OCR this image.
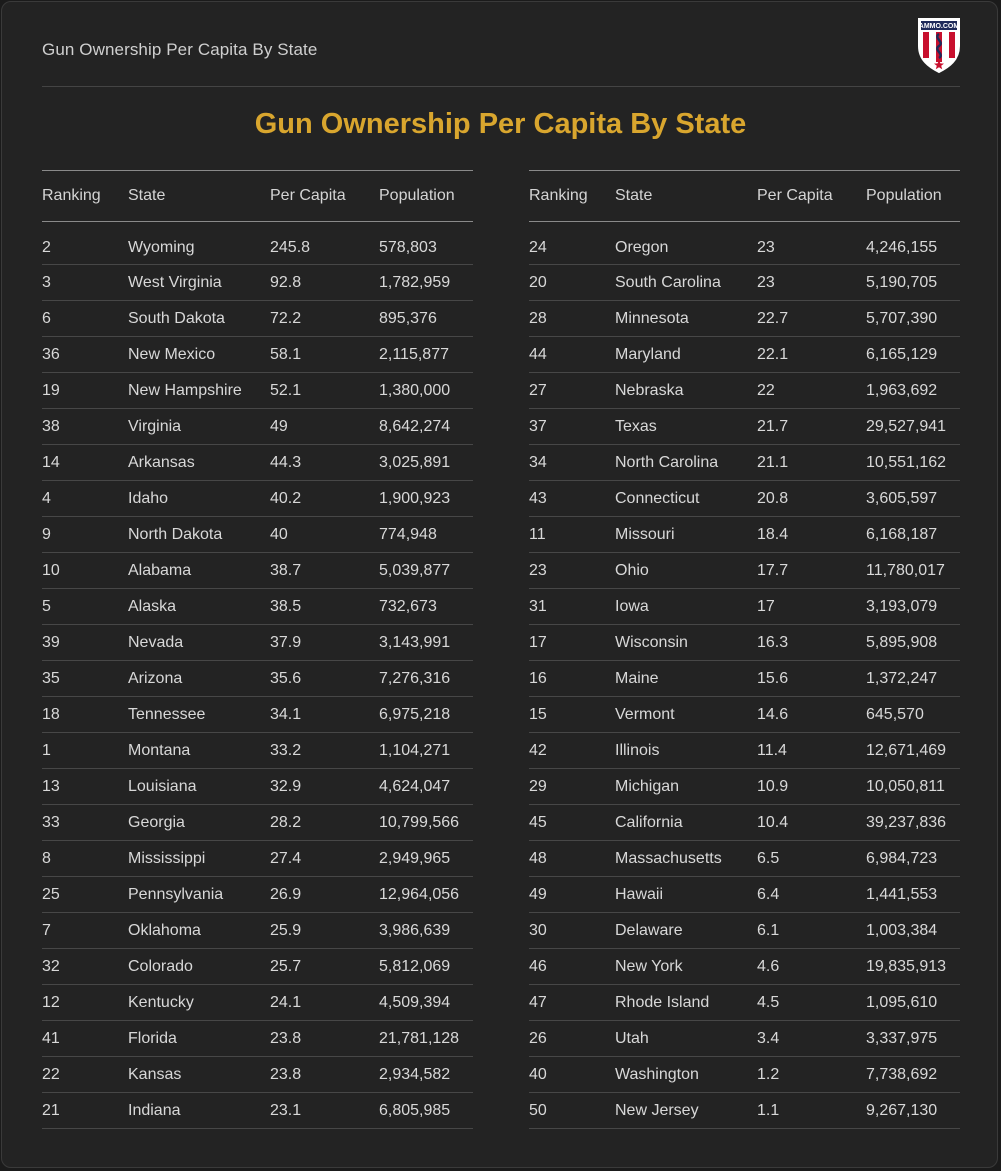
Gun Ownership Per Capita By State
AMMO.COM
Gun Ownership Per Capita By State
Ranking	State	Per Capita	Population
2	Wyoming	245.8	578,803
3	West Virginia	92.8	1,782,959
6	South Dakota	72.2	895,376
36	New Mexico	58.1	2,115,877
19	New Hampshire	52.1	1,380,000
38	Virginia	49	8,642,274
14	Arkansas	44.3	3,025,891
4	Idaho	40.2	1,900,923
9	North Dakota	40	774,948
10	Alabama	38.7	5,039,877
5	Alaska	38.5	732,673
39	Nevada	37.9	3,143,991
35	Arizona	35.6	7,276,316
18	Tennessee	34.1	6,975,218
1	Montana	33.2	1,104,271
13	Louisiana	32.9	4,624,047
33	Georgia	28.2	10,799,566
8	Mississippi	27.4	2,949,965
25	Pennsylvania	26.9	12,964,056
7	Oklahoma	25.9	3,986,639
32	Colorado	25.7	5,812,069
12	Kentucky	24.1	4,509,394
41	Florida	23.8	21,781,128
22	Kansas	23.8	2,934,582
21	Indiana	23.1	6,805,985
Ranking	State	Per Capita	Population
24	Oregon	23	4,246,155
20	South Carolina	23	5,190,705
28	Minnesota	22.7	5,707,390
44	Maryland	22.1	6,165,129
27	Nebraska	22	1,963,692
37	Texas	21.7	29,527,941
34	North Carolina	21.1	10,551,162
43	Connecticut	20.8	3,605,597
11	Missouri	18.4	6,168,187
23	Ohio	17.7	11,780,017
31	Iowa	17	3,193,079
17	Wisconsin	16.3	5,895,908
16	Maine	15.6	1,372,247
15	Vermont	14.6	645,570
42	Illinois	11.4	12,671,469
29	Michigan	10.9	10,050,811
45	California	10.4	39,237,836
48	Massachusetts	6.5	6,984,723
49	Hawaii	6.4	1,441,553
30	Delaware	6.1	1,003,384
46	New York	4.6	19,835,913
47	Rhode Island	4.5	1,095,610
26	Utah	3.4	3,337,975
40	Washington	1.2	7,738,692
50	New Jersey	1.1	9,267,130
